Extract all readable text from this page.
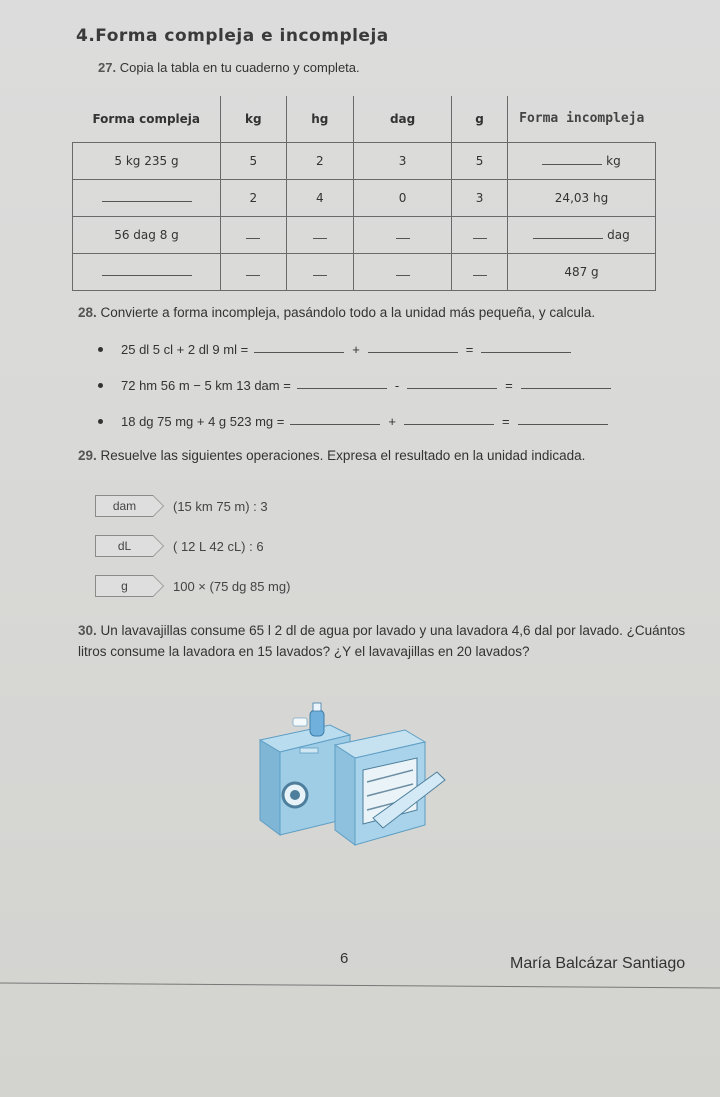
4.Forma compleja e incompleja
27. Copia la tabla en tu cuaderno y completa.
Forma compleja	kg	hg	dag	g	Forma incompleja
5 kg 235 g	5	2	3	5	kg
	2	4	0	3	24,03 hg
56 dag 8 g					dag
					487 g
28. Convierte a forma incompleja, pasándolo todo a la unidad más pequeña, y calcula.
25 dl 5 cl + 2 dl 9 ml =	+	=
72 hm 56 m − 5 km 13 dam =	-	=
18 dg 75 mg + 4 g 523 mg =	+	=
29. Resuelve las siguientes operaciones. Expresa el resultado en la unidad indicada.
dam	(15 km 75 m) : 3
dL	( 12 L 42 cL) : 6
g	100 × (75 dg 85 mg)
30. Un lavavajillas consume 65 l 2 dl de agua por lavado y una lavadora 4,6 dal por lavado. ¿Cuántos litros consume la lavadora en 15 lavados? ¿Y el lavavajillas en 20 lavados?
6	María Balcázar Santiago
